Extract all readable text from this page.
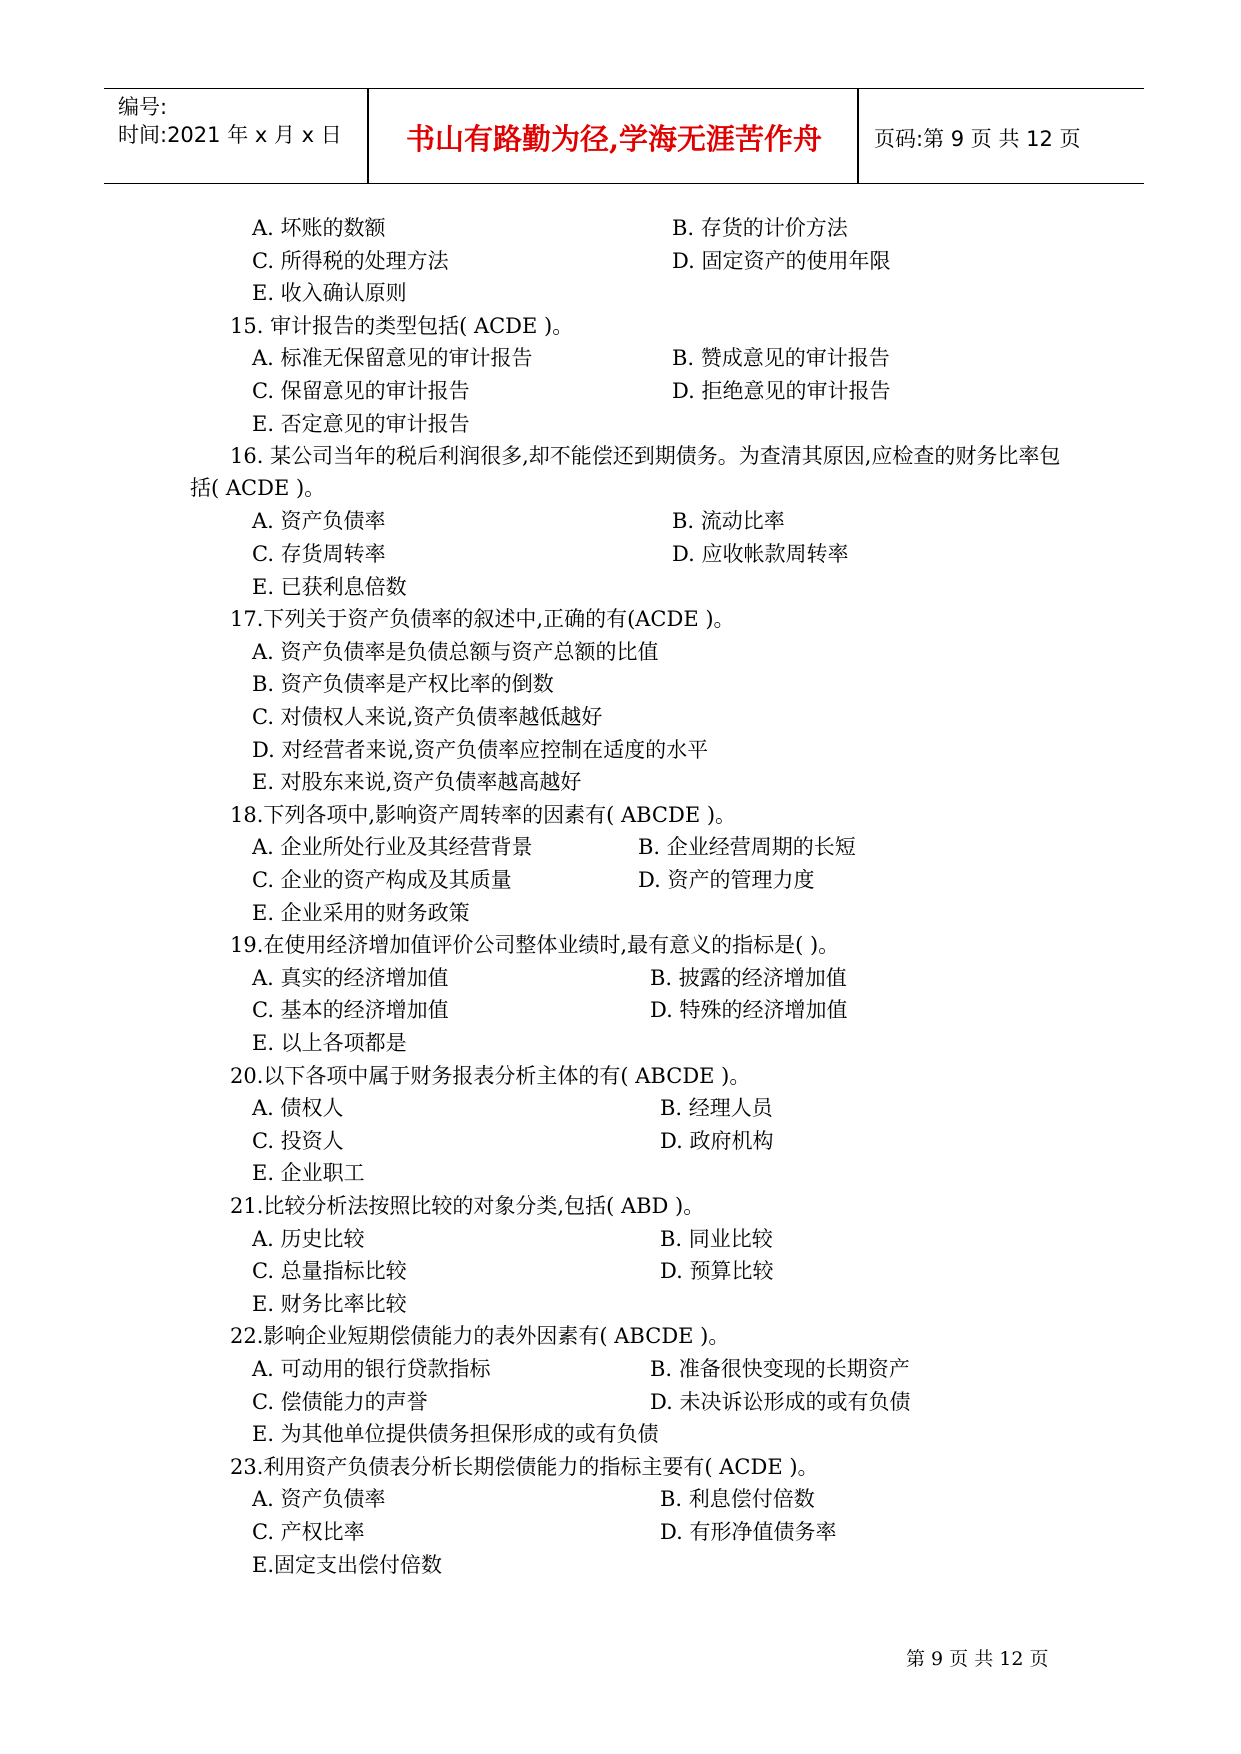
编号:
时间:2021 年 x 月 x 日	书山有路勤为径,学海无涯苦作舟	页码:第 9 页 共 12 页
A. 坏账的数额	B. 存货的计价方法
C. 所得税的处理方法	D. 固定资产的使用年限
E. 收入确认原则
15. 审计报告的类型包括( ACDE )。
A. 标准无保留意见的审计报告	B. 赞成意见的审计报告
C. 保留意见的审计报告	D. 拒绝意见的审计报告
E. 否定意见的审计报告
16. 某公司当年的税后利润很多,却不能偿还到期债务。为查清其原因,应检查的财务比率包括( ACDE )。
A. 资产负债率	B. 流动比率
C. 存货周转率	D. 应收帐款周转率
E. 已获利息倍数
17.下列关于资产负债率的叙述中,正确的有(ACDE )。
A. 资产负债率是负债总额与资产总额的比值
B. 资产负债率是产权比率的倒数
C. 对债权人来说,资产负债率越低越好
D. 对经营者来说,资产负债率应控制在适度的水平
E. 对股东来说,资产负债率越高越好
18.下列各项中,影响资产周转率的因素有( ABCDE )。
A. 企业所处行业及其经营背景	B. 企业经营周期的长短
C. 企业的资产构成及其质量	D. 资产的管理力度
E. 企业采用的财务政策
19.在使用经济增加值评价公司整体业绩时,最有意义的指标是( )。
A. 真实的经济增加值	B. 披露的经济增加值
C. 基本的经济增加值	D. 特殊的经济增加值
E. 以上各项都是
20.以下各项中属于财务报表分析主体的有( ABCDE )。
A. 债权人	B. 经理人员
C. 投资人	D. 政府机构
E. 企业职工
21.比较分析法按照比较的对象分类,包括( ABD )。
A. 历史比较	B. 同业比较
C. 总量指标比较	D. 预算比较
E. 财务比率比较
22.影响企业短期偿债能力的表外因素有( ABCDE )。
A. 可动用的银行贷款指标	B. 准备很快变现的长期资产
C. 偿债能力的声誉	D. 未决诉讼形成的或有负债
E. 为其他单位提供债务担保形成的或有负债
23.利用资产负债表分析长期偿债能力的指标主要有( ACDE )。
A. 资产负债率	B. 利息偿付倍数
C. 产权比率	D. 有形净值债务率
E.固定支出偿付倍数
第 9 页 共 12 页
